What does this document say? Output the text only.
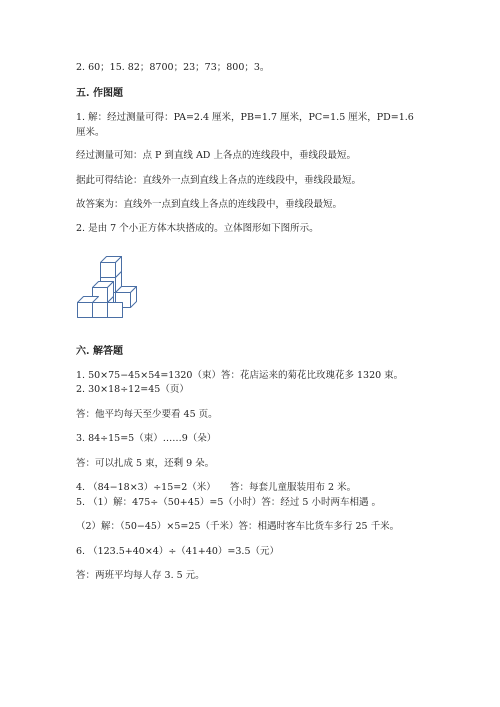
2. 60；15. 82；8700；23；73；800；3。
五. 作图题
1. 解：经过测量可得：PA=2.4 厘米，PB=1.7 厘米，PC=1.5 厘米，PD=1.6 厘米。
经过测量可知：点 P 到直线 AD 上各点的连线段中，垂线段最短。
据此可得结论：直线外一点到直线上各点的连线段中，垂线段最短。
故答案为：直线外一点到直线上各点的连线段中，垂线段最短。
2. 是由 7 个小正方体木块搭成的。立体图形如下图所示。
六. 解答题
1. 50×75−45×54=1320（束）答：花店运来的菊花比玫瑰花多 1320 束。
2. 30×18÷12=45（页）
答：他平均每天至少要看 45 页。
3. 84÷15=5（束）……9（朵）
答：可以扎成 5 束，还剩 9 朵。
4. （84−18×3）÷15=2（米）　　答：每套儿童服装用布 2 米。
5. （1）解：475÷（50+45）=5（小时）答：经过 5 小时两车相遇 。
（2）解：（50−45）×5=25（千米）答：相遇时客车比货车多行 25 千米。
6. （123.5+40×4）÷（41+40）=3.5（元）
答：两班平均每人存 3. 5 元。
